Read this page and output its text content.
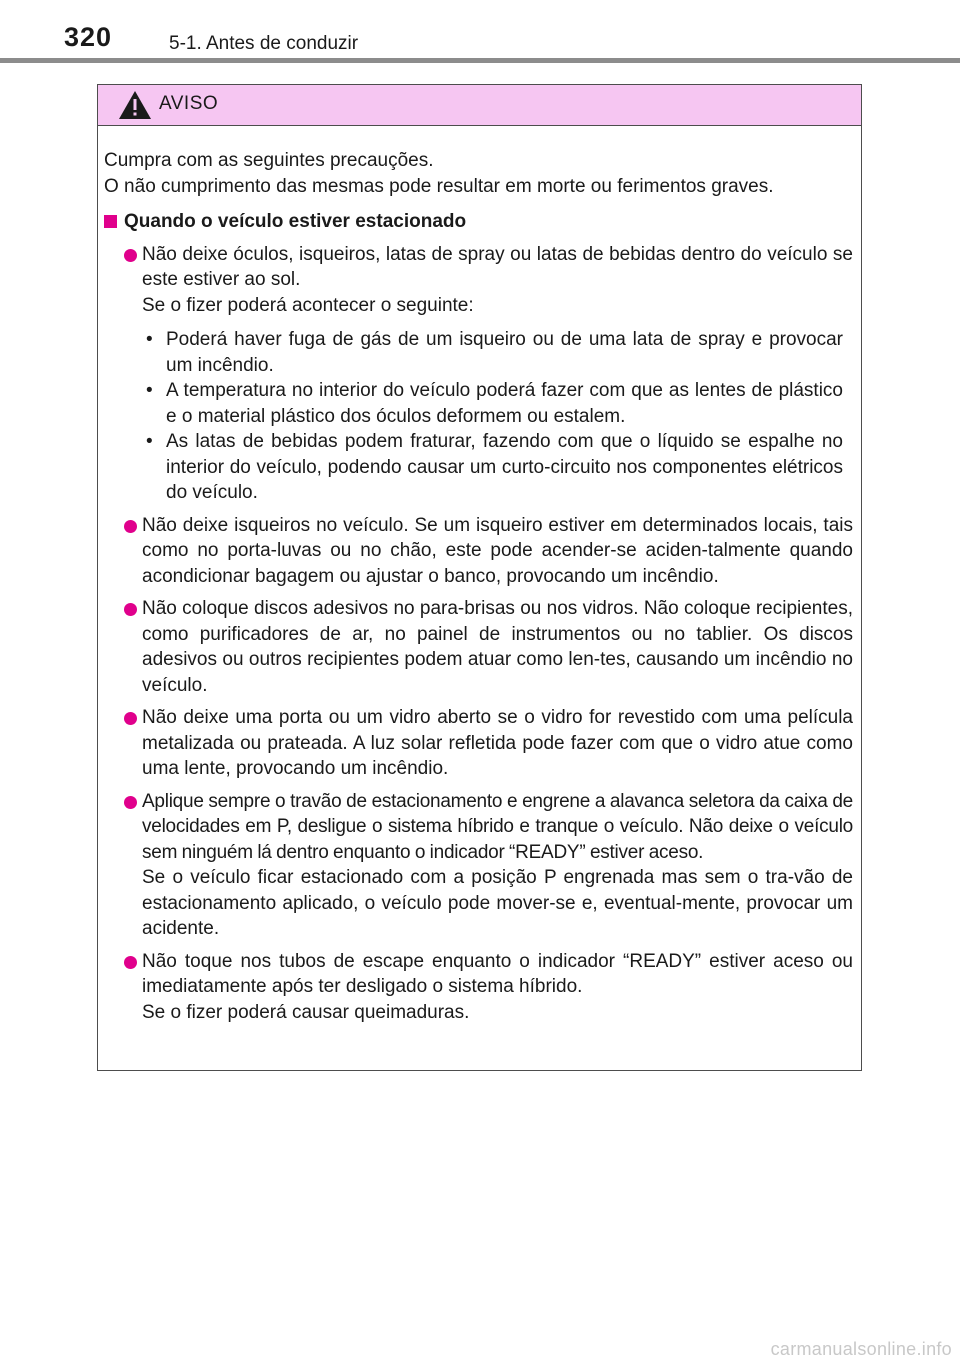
320	5-1. Antes de conduzir
AVISO

Cumpra com as seguintes precauções.

O não cumprimento das mesmas pode resultar em morte ou ferimentos graves.

Quando o veículo estiver estacionado

Não deixe óculos, isqueiros, latas de spray ou latas de bebidas dentro do veículo se este estiver ao sol.

Se o fizer poderá acontecer o seguinte:

• Poderá haver fuga de gás de um isqueiro ou de uma lata de spray e provocar um incêndio.
• A temperatura no interior do veículo poderá fazer com que as lentes de plástico e o material plástico dos óculos deformem ou estalem.
• As latas de bebidas podem fraturar, fazendo com que o líquido se espalhe no interior do veículo, podendo causar um curto-circuito nos componentes elétricos do veículo.

Não deixe isqueiros no veículo. Se um isqueiro estiver em determinados locais, tais como no porta-luvas ou no chão, este pode acender-se aciden-talmente quando acondicionar bagagem ou ajustar o banco, provocando um incêndio.

Não coloque discos adesivos no para-brisas ou nos vidros. Não coloque recipientes, como purificadores de ar, no painel de instrumentos ou no tablier. Os discos adesivos ou outros recipientes podem atuar como len-tes, causando um incêndio no veículo.

Não deixe uma porta ou um vidro aberto se o vidro for revestido com uma película metalizada ou prateada. A luz solar refletida pode fazer com que o vidro atue como uma lente, provocando um incêndio.

Aplique sempre o travão de estacionamento e engrene a alavanca seletora da caixa de velocidades em P, desligue o sistema híbrido e tranque o veículo. Não deixe o veículo sem ninguém lá dentro enquanto o indicador “READY” estiver aceso.

Se o veículo ficar estacionado com a posição P engrenada mas sem o tra-vão de estacionamento aplicado, o veículo pode mover-se e, eventual-mente, provocar um acidente.

Não toque nos tubos de escape enquanto o indicador “READY” estiver aceso ou imediatamente após ter desligado o sistema híbrido.

Se o fizer poderá causar queimaduras.

carmanualsonline.info
